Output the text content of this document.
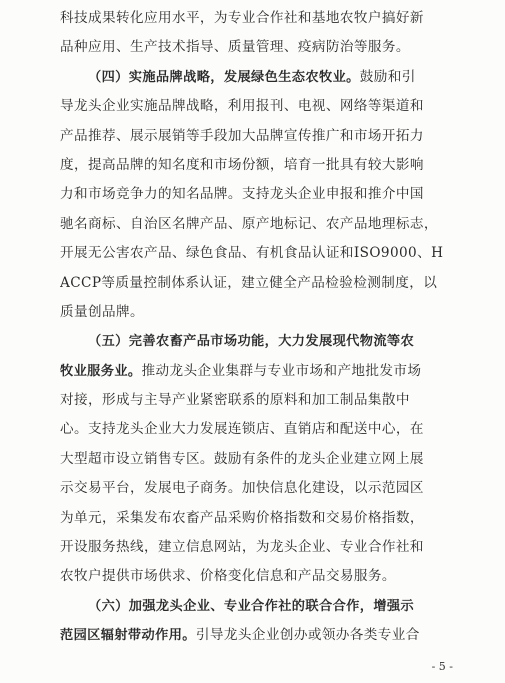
科技成果转化应用水平，为专业合作社和基地农牧户搞好新
品种应用、生产技术指导、质量管理、疫病防治等服务。
（四）实施品牌战略，发展绿色生态农牧业。鼓励和引
导龙头企业实施品牌战略，利用报刊、电视、网络等渠道和
产品推荐、展示展销等手段加大品牌宣传推广和市场开拓力
度，提高品牌的知名度和市场份额，培育一批具有较大影响
力和市场竞争力的知名品牌。支持龙头企业申报和推介中国
驰名商标、自治区名牌产品、原产地标记、农产品地理标志，
开展无公害农产品、绿色食品、有机食品认证和ISO9000、H
ACCP等质量控制体系认证，建立健全产品检验检测制度，以
质量创品牌。
（五）完善农畜产品市场功能，大力发展现代物流等农
牧业服务业。推动龙头企业集群与专业市场和产地批发市场
对接，形成与主导产业紧密联系的原料和加工制品集散中
心。支持龙头企业大力发展连锁店、直销店和配送中心，在
大型超市设立销售专区。鼓励有条件的龙头企业建立网上展
示交易平台，发展电子商务。加快信息化建设，以示范园区
为单元，采集发布农畜产品采购价格指数和交易价格指数，
开设服务热线，建立信息网站，为龙头企业、专业合作社和
农牧户提供市场供求、价格变化信息和产品交易服务。
（六）加强龙头企业、专业合作社的联合合作，增强示
范园区辐射带动作用。引导龙头企业创办或领办各类专业合
- 5 -
